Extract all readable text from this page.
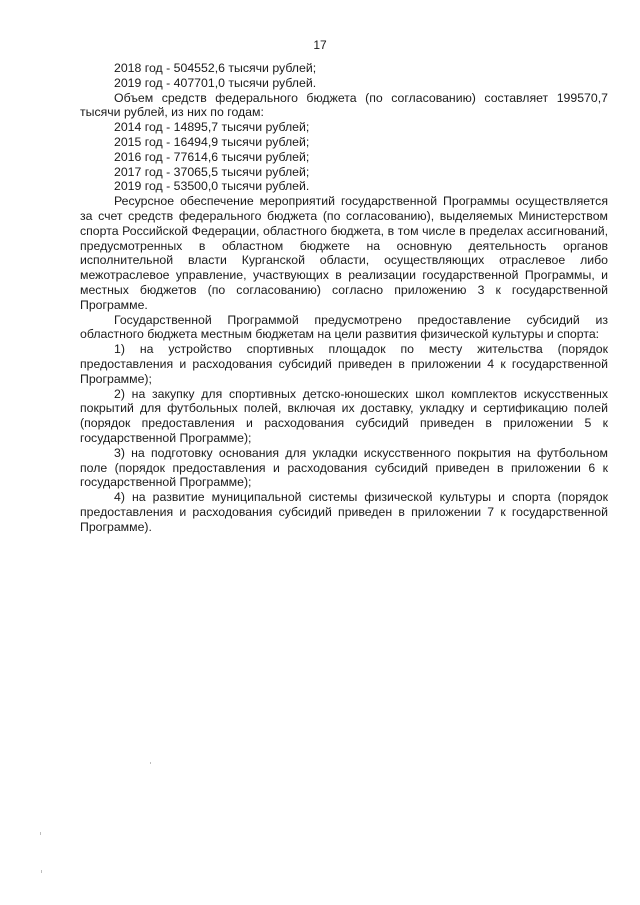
17

2018 год - 504552,6 тысячи рублей;

2019 год - 407701,0 тысячи рублей.

Объем средств федерального бюджета (по согласованию) составляет 199570,7 тысячи рублей, из них по годам:

2014 год - 14895,7 тысячи рублей;

2015 год - 16494,9 тысячи рублей;

2016 год - 77614,6 тысячи рублей;

2017 год - 37065,5 тысячи рублей;

2019 год - 53500,0 тысячи рублей.

Ресурсное обеспечение мероприятий государственной Программы осуществляется за счет средств федерального бюджета (по согласованию), выделяемых Министерством спорта Российской Федерации, областного бюджета, в том числе в пределах ассигнований, предусмотренных в областном бюджете на основную деятельность органов исполнительной власти Курганской области, осуществляющих отраслевое либо межотраслевое управление, участвующих в реализации государственной Программы, и местных бюджетов (по согласованию) согласно приложению 3 к государственной Программе.

Государственной Программой предусмотрено предоставление субсидий из областного бюджета местным бюджетам на цели развития физической культуры и спорта:

1) на устройство спортивных площадок по месту жительства (порядок предоставления и расходования субсидий приведен в приложении 4 к государственной Программе);

2) на закупку для спортивных детско-юношеских школ комплектов искусственных покрытий для футбольных полей, включая их доставку, укладку и сертификацию полей (порядок предоставления и расходования субсидий приведен в приложении 5 к государственной Программе);

3) на подготовку основания для укладки искусственного покрытия на футбольном поле (порядок предоставления и расходования субсидий приведен в приложении 6 к государственной Программе);

4) на развитие муниципальной системы физической культуры и спорта (порядок предоставления и расходования субсидий приведен в приложении 7 к государственной Программе).
